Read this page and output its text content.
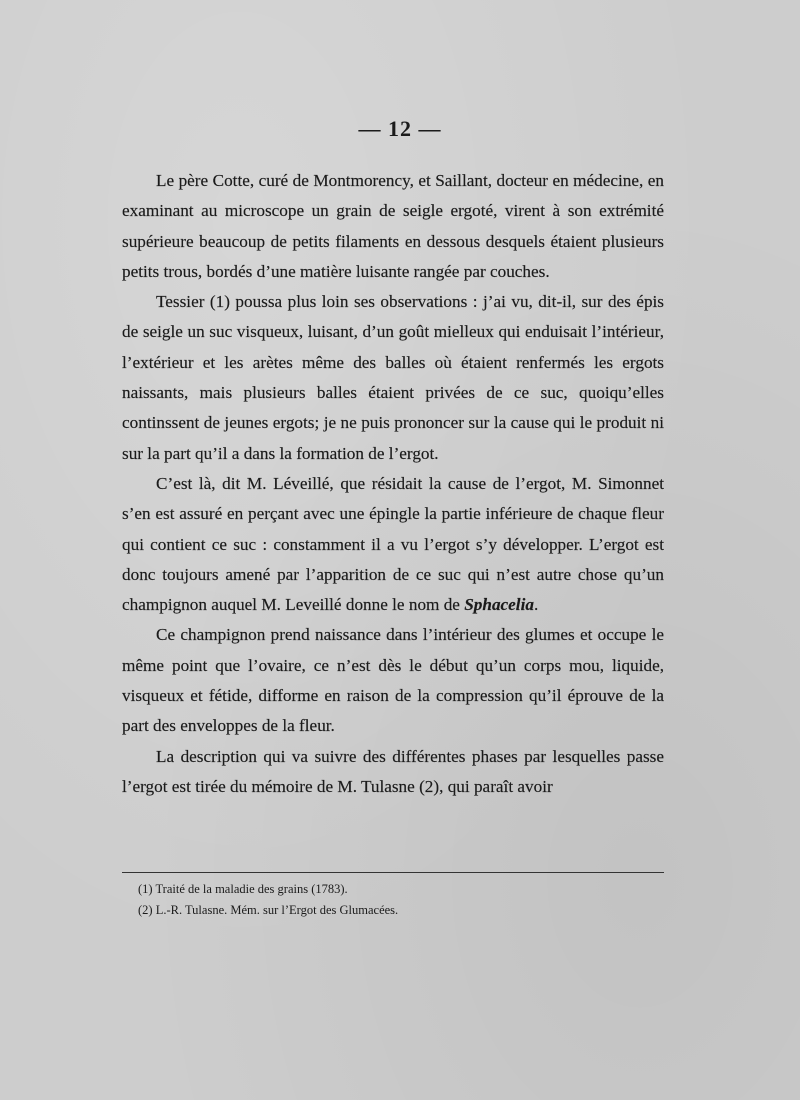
— 12 —

Le père Cotte, curé de Montmorency, et Saillant, docteur en médecine, en examinant au microscope un grain de seigle ergoté, virent à son extrémité supérieure beaucoup de petits filaments en dessous desquels étaient plusieurs petits trous, bordés d’une matière luisante rangée par couches.

Tessier (1) poussa plus loin ses observations : j’ai vu, dit-il, sur des épis de seigle un suc visqueux, luisant, d’un goût mielleux qui enduisait l’intérieur, l’extérieur et les arètes même des balles où étaient renfermés les ergots naissants, mais plusieurs balles étaient privées de ce suc, quoiqu’elles continssent de jeunes ergots; je ne puis prononcer sur la cause qui le produit ni sur la part qu’il a dans la formation de l’ergot.

C’est là, dit M. Léveillé, que résidait la cause de l’ergot, M. Simonnet s’en est assuré en perçant avec une épingle la partie inférieure de chaque fleur qui contient ce suc : constamment il a vu l’ergot s’y développer. L’ergot est donc toujours amené par l’apparition de ce suc qui n’est autre chose qu’un champignon auquel M. Leveillé donne le nom de Sphacelia.

Ce champignon prend naissance dans l’intérieur des glumes et occupe le même point que l’ovaire, ce n’est dès le début qu’un corps mou, liquide, visqueux et fétide, difforme en raison de la compression qu’il éprouve de la part des enveloppes de la fleur.

La description qui va suivre des différentes phases par lesquelles passe l’ergot est tirée du mémoire de M. Tulasne (2), qui paraît avoir

(1) Traité de la maladie des grains (1783).
(2) L.-R. Tulasne. Mém. sur l’Ergot des Glumacées.
